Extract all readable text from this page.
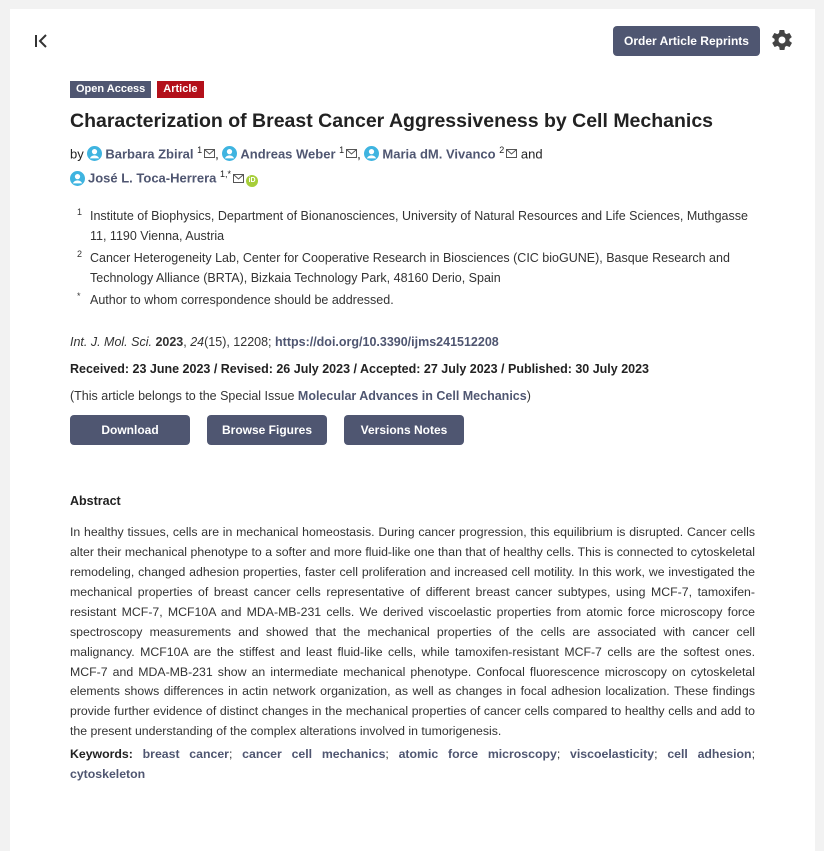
Order Article Reprints
Open Access	Article
Characterization of Breast Cancer Aggressiveness by Cell Mechanics
by Barbara Zbiral $^1$ , Andreas Weber $^1$ , Maria dM. Vivanco $^2$ and
José L. Toca-Herrera $^{1,*}$iD
1 Institute of Biophysics, Department of Bionanosciences, University of Natural Resources and Life Sciences, Muthgasse 11, 1190 Vienna, Austria
2 Cancer Heterogeneity Lab, Center for Cooperative Research in Biosciences (CIC bioGUNE), Basque Research and Technology Alliance (BRTA), Bizkaia Technology Park, 48160 Derio, Spain
* Author to whom correspondence should be addressed.
Int. J. Mol. Sci. 2023, 24(15), 12208; https://doi.org/10.3390/ijms241512208
Received: 23 June 2023 / Revised: 26 July 2023 / Accepted: 27 July 2023 / Published: 30 July 2023
(This article belongs to the Special Issue Molecular Advances in Cell Mechanics)
Download	Browse Figures	Versions Notes
Abstract
In healthy tissues, cells are in mechanical homeostasis. During cancer progression, this equilibrium is disrupted. Cancer cells alter their mechanical phenotype to a softer and more fluid-like one than that of healthy cells. This is connected to cytoskeletal remodeling, changed adhesion properties, faster cell proliferation and increased cell motility. In this work, we investigated the mechanical properties of breast cancer cells representative of different breast cancer subtypes, using MCF-7, tamoxifen-resistant MCF-7, MCF10A and MDA-MB-231 cells. We derived viscoelastic properties from atomic force microscopy force spectroscopy measurements and showed that the mechanical properties of the cells are associated with cancer cell malignancy. MCF10A are the stiffest and least fluid-like cells, while tamoxifen-resistant MCF-7 cells are the softest ones. MCF-7 and MDA-MB-231 show an intermediate mechanical phenotype. Confocal fluorescence microscopy on cytoskeletal elements shows differences in actin network organization, as well as changes in focal adhesion localization. These findings provide further evidence of distinct changes in the mechanical properties of cancer cells compared to healthy cells and add to the present understanding of the complex alterations involved in tumorigenesis.
Keywords: breast cancer; cancer cell mechanics; atomic force microscopy; viscoelasticity; cell adhesion; cytoskeleton
